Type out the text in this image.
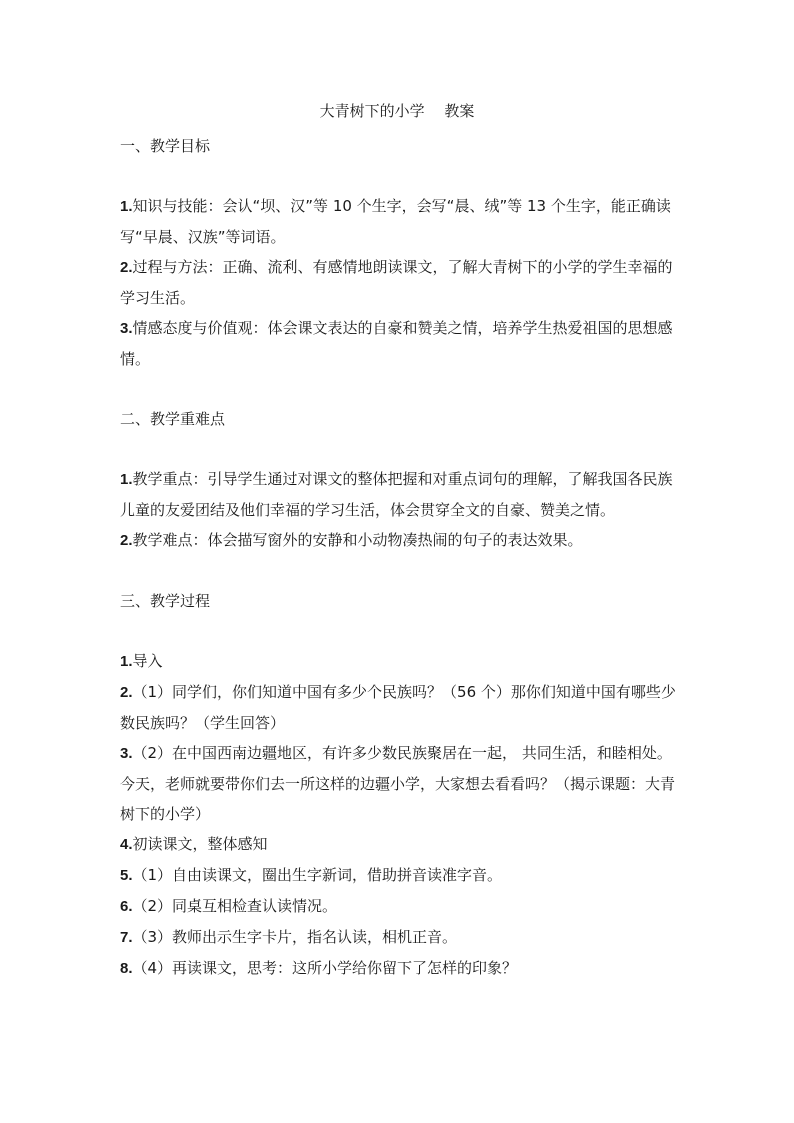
大青树下的小学　 教案

一、教学目标

1.知识与技能：会认“坝、汉”等 10 个生字，会写“晨、绒”等 13 个生字，能正确读写“早晨、汉族”等词语。

2.过程与方法：正确、流利、有感情地朗读课文，了解大青树下的小学的学生幸福的学习生活。

3.情感态度与价值观：体会课文表达的自豪和赞美之情，培养学生热爱祖国的思想感情。

二、教学重难点

1.教学重点：引导学生通过对课文的整体把握和对重点词句的理解，了解我国各民族儿童的友爱团结及他们幸福的学习生活，体会贯穿全文的自豪、赞美之情。

2.教学难点：体会描写窗外的安静和小动物凑热闹的句子的表达效果。

三、教学过程

1.导入

2.（1）同学们，你们知道中国有多少个民族吗？（56 个）那你们知道中国有哪些少数民族吗？（学生回答）

3.（2）在中国西南边疆地区，有许多少数民族聚居在一起， 共同生活，和睦相处。今天，老师就要带你们去一所这样的边疆小学，大家想去看看吗？（揭示课题：大青树下的小学）

4.初读课文，整体感知

5.（1）自由读课文，圈出生字新词，借助拼音读准字音。

6.（2）同桌互相检查认读情况。

7.（3）教师出示生字卡片，指名认读，相机正音。

8.（4）再读课文，思考：这所小学给你留下了怎样的印象？
